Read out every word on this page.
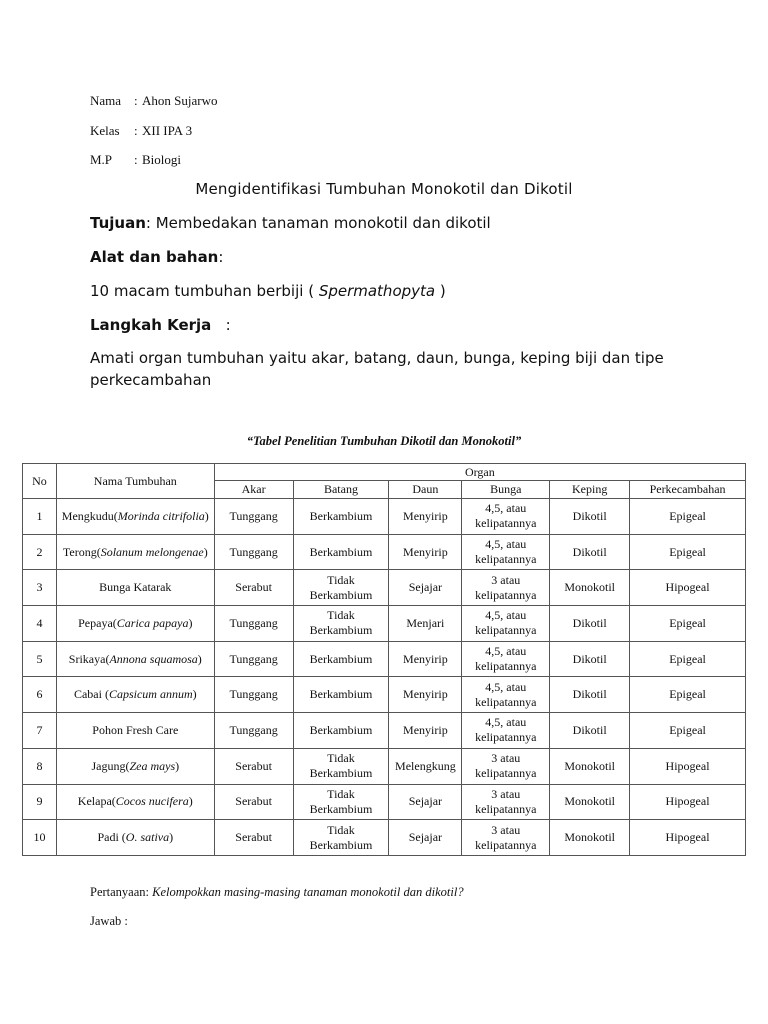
Nama : Ahon Sujarwo
Kelas : XII IPA 3
M.P : Biologi
Mengidentifikasi Tumbuhan Monokotil dan Dikotil
Tujuan: Membedakan tanaman monokotil dan dikotil
Alat dan bahan:
10 macam tumbuhan berbiji ( Spermathopyta )
Langkah Kerja :
Amati organ tumbuhan yaitu akar, batang, daun, bunga, keping biji dan tipe
perkecambahan
“Tabel Penelitian Tumbuhan Dikotil dan Monokotil”
No	Nama Tumbuhan	Organ					
		Akar	Batang	Daun	Bunga	Keping	Perkecambahan
1	Mengkudu(Morinda citrifolia)	Tunggang	Berkambium	Menyirip	4,5, atau kelipatannya	Dikotil	Epigeal
2	Terong(Solanum melongenae)	Tunggang	Berkambium	Menyirip	4,5, atau kelipatannya	Dikotil	Epigeal
3	Bunga Katarak	Serabut	Tidak Berkambium	Sejajar	3 atau kelipatannya	Monokotil	Hipogeal
4	Pepaya(Carica papaya)	Tunggang	Tidak Berkambium	Menjari	4,5, atau kelipatannya	Dikotil	Epigeal
5	Srikaya(Annona squamosa)	Tunggang	Berkambium	Menyirip	4,5, atau kelipatannya	Dikotil	Epigeal
6	Cabai (Capsicum annum)	Tunggang	Berkambium	Menyirip	4,5, atau kelipatannya	Dikotil	Epigeal
7	Pohon Fresh Care	Tunggang	Berkambium	Menyirip	4,5, atau kelipatannya	Dikotil	Epigeal
8	Jagung(Zea mays)	Serabut	Tidak Berkambium	Melengkung	3 atau kelipatannya	Monokotil	Hipogeal
9	Kelapa(Cocos nucifera)	Serabut	Tidak Berkambium	Sejajar	3 atau kelipatannya	Monokotil	Hipogeal
10	Padi (O. sativa)	Serabut	Tidak Berkambium	Sejajar	3 atau kelipatannya	Monokotil	Hipogeal
Pertanyaan: Kelompokkan masing-masing tanaman monokotil dan dikotil?
Jawab :
